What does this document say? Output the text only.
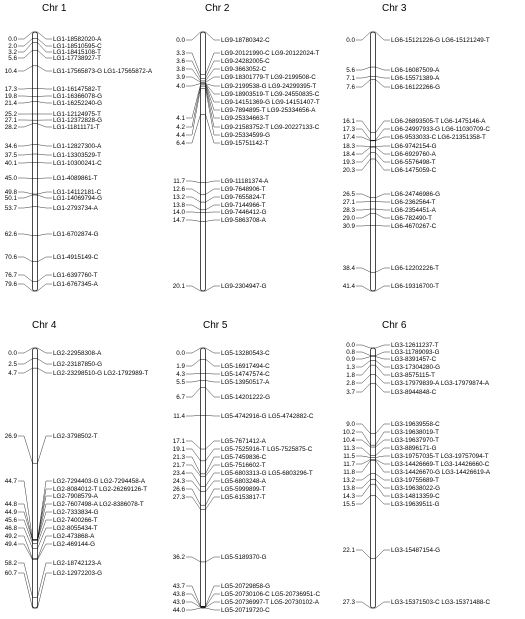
Chr 1	Chr 2	Chr 3
Chr 4	Chr 5	Chr 6
0.0	LG1-18582020-A
2.0	LG1-18510595-C
3.2	LG1-18415108-T
5.6	LG1-17738927-T
10.4	LG1-17565873-G LG1-17565872-A
17.3	LG1-16147582-T
19.8	LG1-16366078-G
21.4	LG1-16252240-G
25.2	LG1-12124975-T
27.1	LG1-12372828-G
28.2	LG1-11811171-T
34.6	LG1-12827300-A
37.5	LG1-13303529-T
40.1	LG1-10300241-C
45.0	LG1-4089861-T
49.8	LG1-14112181-C
50.1	LG1-14069794-G
53.7	LG1-2793734-A
62.6	LG1-6702874-G
70.6	LG1-4915149-C
76.7	LG1-6397760-T
79.6	LG1-6767345-A
0.0	LG9-18780342-C
3.3	LG9-20121990-C LG9-20122024-T
3.6	LG9-24282005-C
3.8	LG9-3663052-C
3.9	LG9-18301779-T LG9-2199508-C
4.0	LG9-2199538-G LG9-24299395-T
LG9-18903519-T LG9-24550835-C
LG9-14151369-G LG9-14151407-T
LG9-7894895-T LG9-25334656-A
4.1	LG9-25334663-T
4.2	LG9-21583752-T LG9-20227133-C
4.4	LG9-25334599-G
6.4	LG9-15751142-T
11.7	LG9-11181374-A
12.6	LG9-7648906-T
13.2	LG9-7655824-T
13.8	LG9-7144966-T
14.0	LG9-7446412-G
14.7	LG9-5863708-A
20.1	LG9-2304947-G
0.0	LG6-15121226-G LG6-15121249-T
5.6	LG6-16087509-A
7.1	LG6-15571389-A
7.6	LG6-16122266-G
16.1	LG6-26893505-T LG6-1475146-A
17.3	LG6-24997933-G LG6-11030709-C
17.4	LG6-9533033-C LG6-21351358-T
18.3	LG6-9742154-G
18.4	LG6-6929760-A
19.3	LG6-5576498-T
20.3	LG6-1475059-C
26.5	LG6-24746986-G
27.1	LG6-2362564-T
28.3	LG6-2354451-A
29.0	LG6-782490-T
30.9	LG6-4670267-C
38.4	LG6-12202226-T
41.4	LG6-19316700-T
0.0	LG2-22958308-A
2.5	LG2-23187850-G
4.7	LG2-23298510-G LG2-1792989-T
26.9	LG2-3798502-T
44.7	LG2-7294403-G LG2-7294458-A
LG2-8084012-T LG2-26269126-T
LG2-7908579-A
44.8	LG2-7607498-A LG2-8386078-T
44.9	LG2-7333834-G
45.6	LG2-7400266-T
46.8	LG2-8055434-T
49.2	LG2-473868-A
49.4	LG2-469144-G
58.2	LG2-18742123-A
60.7	LG2-12972203-G
0.0	LG5-13280543-C
1.9	LG5-16917494-C
4.3	LG5-14747574-C
5.5	LG5-13950517-A
6.7	LG5-14201222-G
11.4	LG5-4742916-G LG5-4742882-C
17.1	LG5-7671412-A
19.1	LG5-7525916-T LG5-7525875-C
21.3	LG5-7459836-C
21.7	LG5-7516602-T
23.4	LG5-6803313-G LG5-6803296-T
24.3	LG5-6803248-A
26.6	LG5-5999899-T
27.3	LG5-6153817-T
36.2	LG5-5189370-G
43.7	LG5-20729858-G
43.8	LG5-20730106-C LG5-20736951-C
43.9	LG5-20736997-T LG5-20730102-A
44.0	LG5-20719720-C
0.0	LG3-12611237-T
0.8	LG3-11789093-G
0.9	LG3-8391457-C
1.3	LG3-17304280-G
1.8	LG3-8575115-T
2.8	LG3-17979839-A LG3-17979874-A
3.7	LG3-8944848-C
9.0	LG3-19639558-C
10.2	LG3-19638019-T
10.4	LG3-19637970-T
11.3	LG3-8896171-G
11.5	LG3-19757035-T LG3-19757094-T
11.7	LG3-14426669-T LG3-14426660-C
11.8	LG3-14426670-G LG3-14426619-A
13.2	LG3-19755689-T
13.8	LG3-19638022-G
14.3	LG3-14813359-C
15.5	LG3-19639511-G
22.1	LG3-15487154-G
27.3	LG3-15371503-C LG3-15371488-C
